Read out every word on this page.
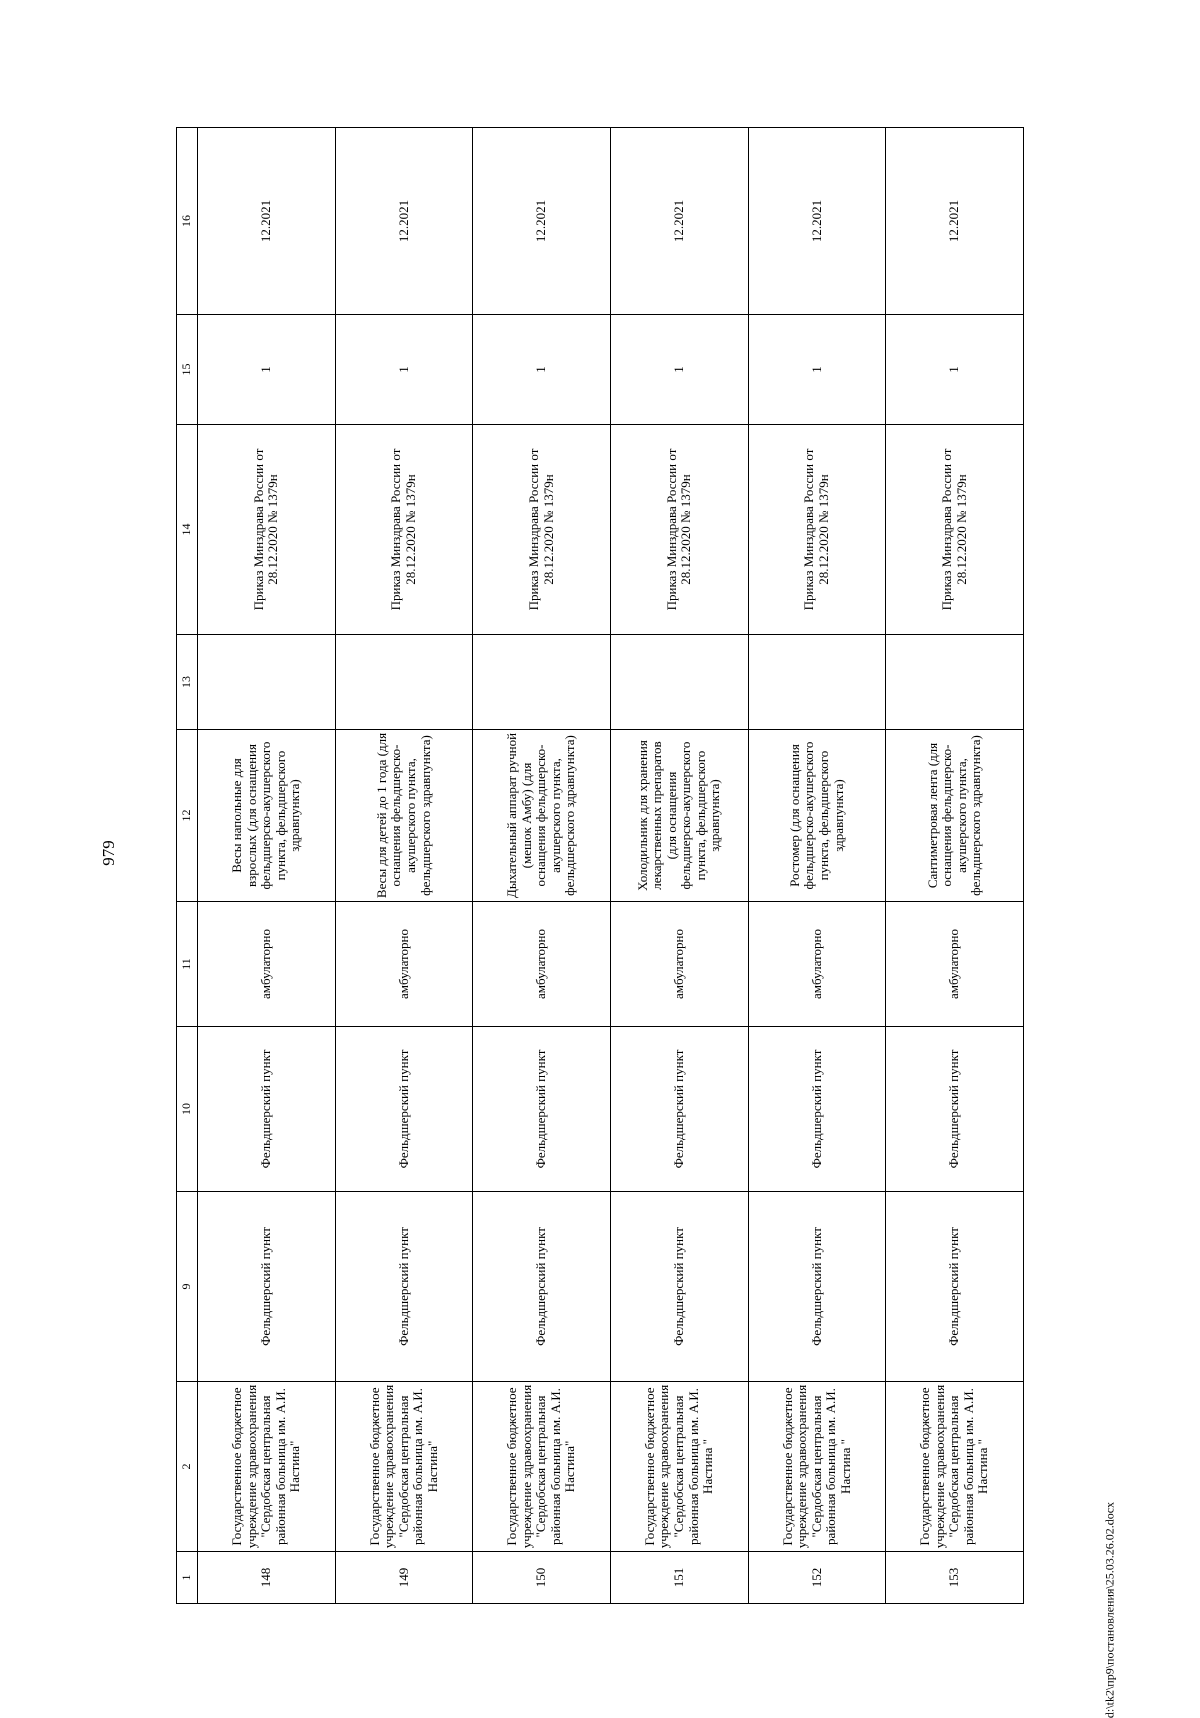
979
1	2	9	10	11	12	13	14	15	16
148	Государственное бюджетное учреждение здравоохранения "Сердобская центральная районная больница им. А.И. Настина"	Фельдшерский пункт	Фельдшерский пункт	амбулаторно	Весы напольные для взрослых (для оснащения фельдшерско-акушерского пункта, фельдшерского здравпункта)		Приказ Минздрава России от 28.12.2020 № 1379н	1	12.2021
149	Государственное бюджетное учреждение здравоохранения "Сердобская центральная районная больница им. А.И. Настина"	Фельдшерский пункт	Фельдшерский пункт	амбулаторно	Весы для детей до 1 года (для оснащения фельдшерско-акушерского пункта, фельдшерского здравпункта)		Приказ Минздрава России от 28.12.2020 № 1379н	1	12.2021
150	Государственное бюджетное учреждение здравоохранения "Сердобская центральная районная больница им. А.И. Настина"	Фельдшерский пункт	Фельдшерский пункт	амбулаторно	Дыхательный аппарат ручной (мешок Амбу) (для оснащения фельдшерско-акушерского пункта, фельдшерского здравпункта)		Приказ Минздрава России от 28.12.2020 № 1379н	1	12.2021
151	Государственное бюджетное учреждение здравоохранения "Сердобская центральная районная больница им. А.И. Настина "	Фельдшерский пункт	Фельдшерский пункт	амбулаторно	Холодильник для хранения лекарственных препаратов (для оснащения фельдшерско-акушерского пункта, фельдшерского здравпункта)		Приказ Минздрава России от 28.12.2020 № 1379н	1	12.2021
152	Государственное бюджетное учреждение здравоохранения "Сердобская центральная районная больница им. А.И. Настина "	Фельдшерский пункт	Фельдшерский пункт	амбулаторно	Ростомер (для оснащения фельдшерско-акушерского пункта, фельдшерского здравпункта)		Приказ Минздрава России от 28.12.2020 № 1379н	1	12.2021
153	Государственное бюджетное учреждение здравоохранения "Сердобская центральная районная больница им. А.И. Настина "	Фельдшерский пункт	Фельдшерский пункт	амбулаторно	Сантиметровая лента (для оснащения фельдшерско-акушерского пункта, фельдшерского здравпункта)		Приказ Минздрава России от 28.12.2020 № 1379н	1	12.2021
d:\tk2\пр9\постановления\25.03.26.02.docx
